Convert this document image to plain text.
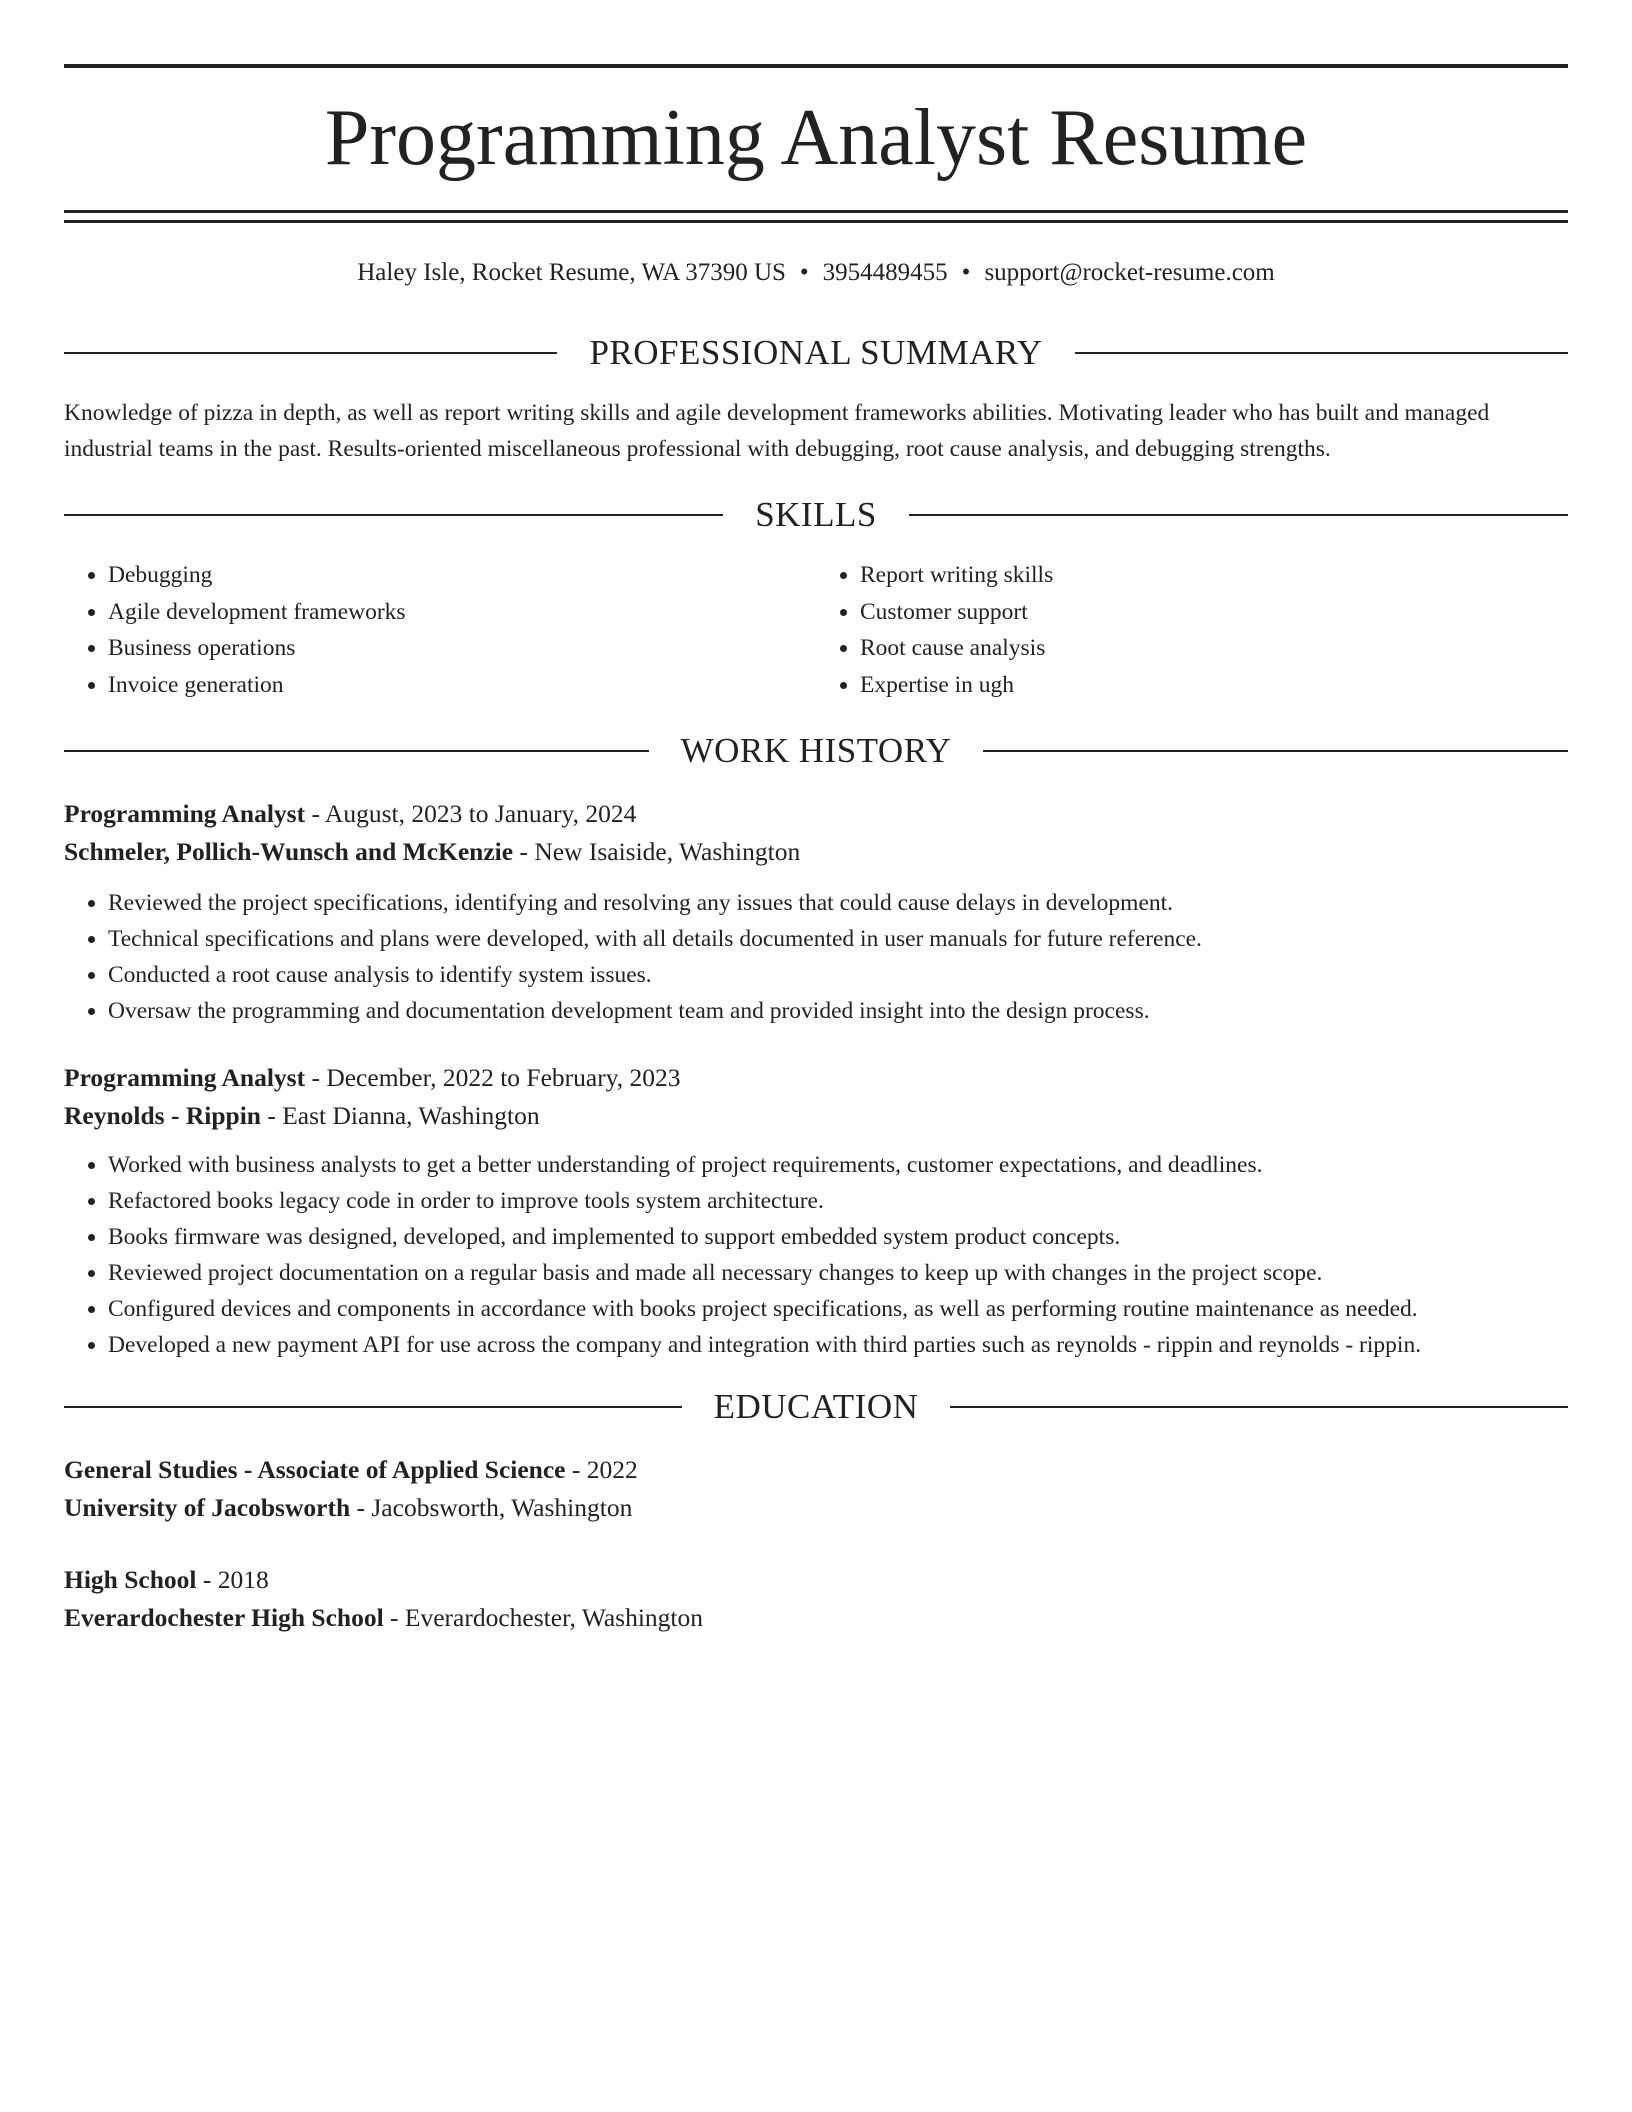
Programming Analyst Resume
Haley Isle, Rocket Resume, WA 37390 US • 3954489455 • support@rocket-resume.com
PROFESSIONAL SUMMARY
Knowledge of pizza in depth, as well as report writing skills and agile development frameworks abilities. Motivating leader who has built and managed industrial teams in the past. Results-oriented miscellaneous professional with debugging, root cause analysis, and debugging strengths.
SKILLS
• Debugging
• Agile development frameworks
• Business operations
• Invoice generation
• Report writing skills
• Customer support
• Root cause analysis
• Expertise in ugh
WORK HISTORY
Programming Analyst - August, 2023 to January, 2024
Schmeler, Pollich-Wunsch and McKenzie - New Isaiside, Washington
• Reviewed the project specifications, identifying and resolving any issues that could cause delays in development.
• Technical specifications and plans were developed, with all details documented in user manuals for future reference.
• Conducted a root cause analysis to identify system issues.
• Oversaw the programming and documentation development team and provided insight into the design process.
Programming Analyst - December, 2022 to February, 2023
Reynolds - Rippin - East Dianna, Washington
• Worked with business analysts to get a better understanding of project requirements, customer expectations, and deadlines.
• Refactored books legacy code in order to improve tools system architecture.
• Books firmware was designed, developed, and implemented to support embedded system product concepts.
• Reviewed project documentation on a regular basis and made all necessary changes to keep up with changes in the project scope.
• Configured devices and components in accordance with books project specifications, as well as performing routine maintenance as needed.
• Developed a new payment API for use across the company and integration with third parties such as reynolds - rippin and reynolds - rippin.
EDUCATION
General Studies - Associate of Applied Science - 2022
University of Jacobsworth - Jacobsworth, Washington
High School - 2018
Everardochester High School - Everardochester, Washington
